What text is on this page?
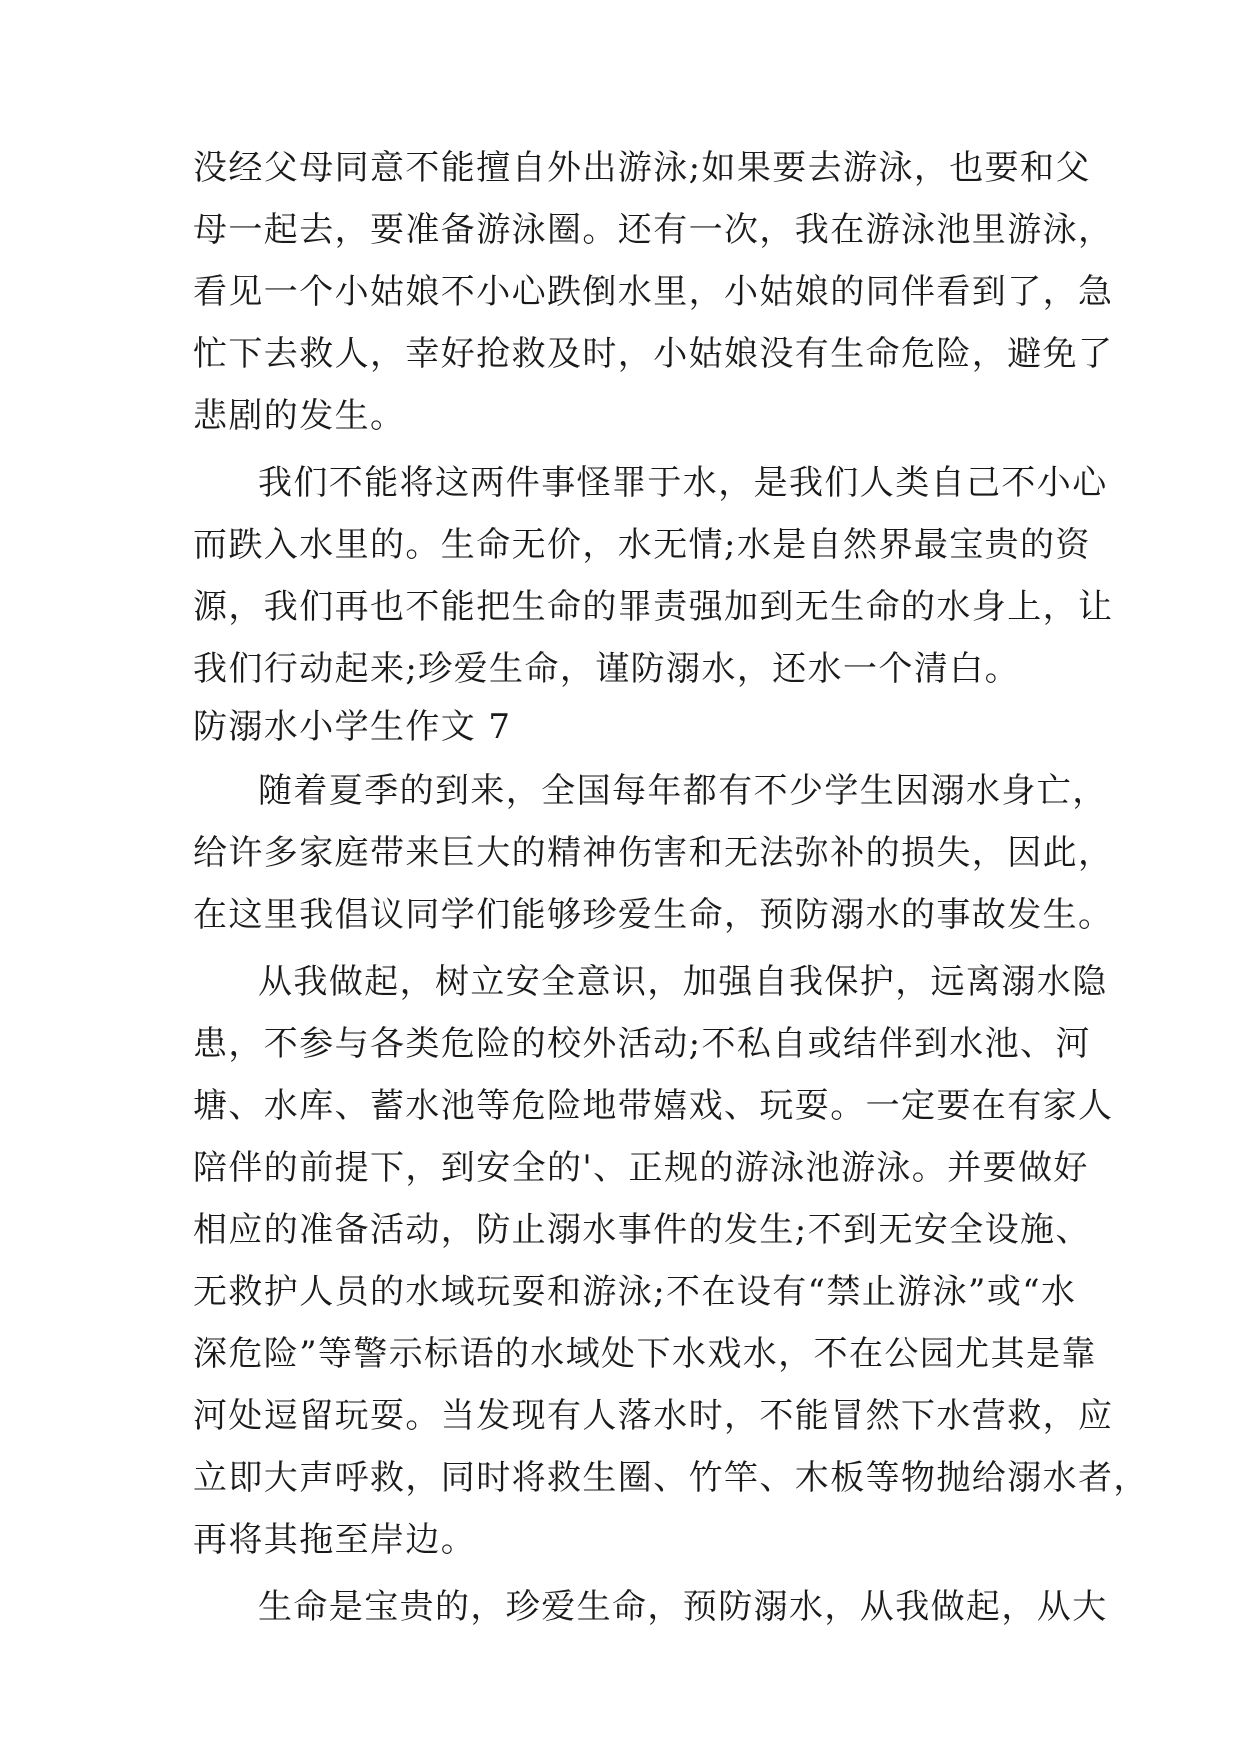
没经父母同意不能擅自外出游泳;如果要去游泳，也要和父
母一起去，要准备游泳圈。还有一次，我在游泳池里游泳，
看见一个小姑娘不小心跌倒水里，小姑娘的同伴看到了，急
忙下去救人，幸好抢救及时，小姑娘没有生命危险，避免了
悲剧的发生。
我们不能将这两件事怪罪于水，是我们人类自己不小心
而跌入水里的。生命无价，水无情;水是自然界最宝贵的资
源，我们再也不能把生命的罪责强加到无生命的水身上，让
我们行动起来;珍爱生命，谨防溺水，还水一个清白。
防溺水小学生作文 7
随着夏季的到来，全国每年都有不少学生因溺水身亡，
给许多家庭带来巨大的精神伤害和无法弥补的损失，因此，
在这里我倡议同学们能够珍爱生命，预防溺水的事故发生。
从我做起，树立安全意识，加强自我保护，远离溺水隐
患，不参与各类危险的校外活动;不私自或结伴到水池、河
塘、水库、蓄水池等危险地带嬉戏、玩耍。一定要在有家人
陪伴的前提下，到安全的'、正规的游泳池游泳。并要做好
相应的准备活动，防止溺水事件的发生;不到无安全设施、
无救护人员的水域玩耍和游泳;不在设有“禁止游泳”或“水
深危险”等警示标语的水域处下水戏水，不在公园尤其是靠
河处逗留玩耍。当发现有人落水时，不能冒然下水营救，应
立即大声呼救，同时将救生圈、竹竿、木板等物抛给溺水者，
再将其拖至岸边。
生命是宝贵的，珍爱生命，预防溺水，从我做起，从大
